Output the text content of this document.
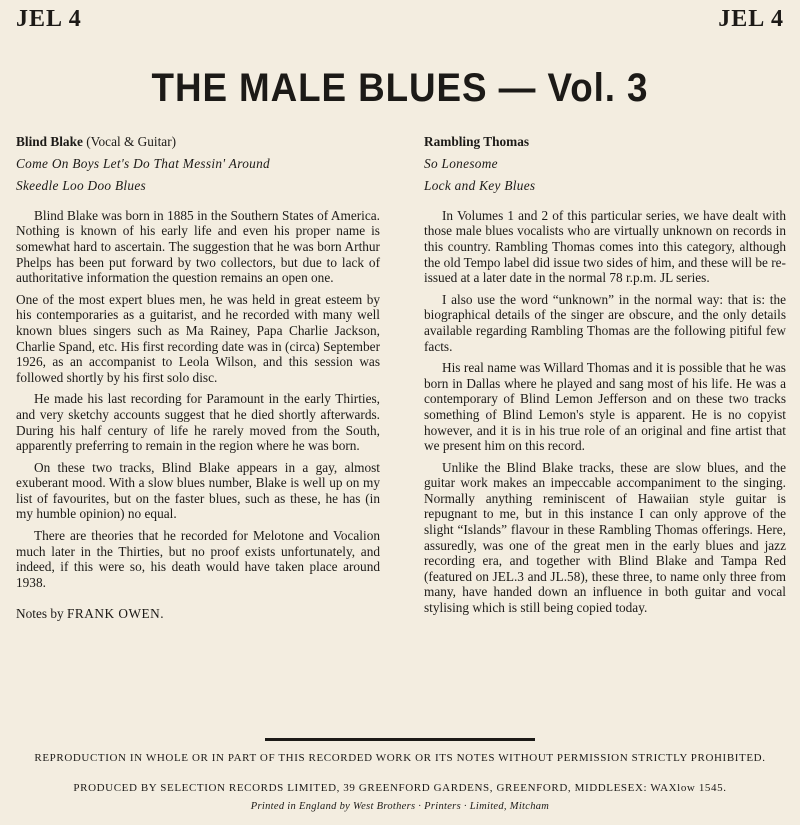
JEL 4	JEL 4
THE MALE BLUES — Vol. 3
Blind Blake (Vocal & Guitar)
Come On Boys Let's Do That Messin' Around
Skeedle Loo Doo Blues

Blind Blake was born in 1885 in the Southern States of America. Nothing is known of his early life and even his proper name is somewhat hard to ascertain. The suggestion that he was born Arthur Phelps has been put forward by two collectors, but due to lack of authoritative information the question remains an open one.

One of the most expert blues men, he was held in great esteem by his contemporaries as a guitarist, and he recorded with many well known blues singers such as Ma Rainey, Papa Charlie Jackson, Charlie Spand, etc. His first recording date was in (circa) September 1926, as an accompanist to Leola Wilson, and this session was followed shortly by his first solo disc.

He made his last recording for Paramount in the early Thirties, and very sketchy accounts suggest that he died shortly afterwards. During his half century of life he rarely moved from the South, apparently preferring to remain in the region where he was born.

On these two tracks, Blind Blake appears in a gay, almost exuberant mood. With a slow blues number, Blake is well up on my list of favourites, but on the faster blues, such as these, he has (in my humble opinion) no equal.

There are theories that he recorded for Melotone and Vocalion much later in the Thirties, but no proof exists unfortunately, and indeed, if this were so, his death would have taken place around 1938.

Notes by FRANK OWEN.
Rambling Thomas
So Lonesome
Lock and Key Blues

In Volumes 1 and 2 of this particular series, we have dealt with those male blues vocalists who are virtually unknown on records in this country. Rambling Thomas comes into this category, although the old Tempo label did issue two sides of him, and these will be re-issued at a later date in the normal 78 r.p.m. JL series.

I also use the word “unknown” in the normal way: that is: the biographical details of the singer are obscure, and the only details available regarding Rambling Thomas are the following pitiful few facts.

His real name was Willard Thomas and it is possible that he was born in Dallas where he played and sang most of his life. He was a contemporary of Blind Lemon Jefferson and on these two tracks something of Blind Lemon's style is apparent. He is no copyist however, and it is in his true role of an original and fine artist that we present him on this record.

Unlike the Blind Blake tracks, these are slow blues, and the guitar work makes an impeccable accompaniment to the singing. Normally anything reminiscent of Hawaiian style guitar is repugnant to me, but in this instance I can only approve of the slight “Islands” flavour in these Rambling Thomas offerings. Here, assuredly, was one of the great men in the early blues and jazz recording era, and together with Blind Blake and Tampa Red (featured on JEL.3 and JL.58), these three, to name only three from many, have handed down an influence in both guitar and vocal stylising which is still being copied today.

REPRODUCTION IN WHOLE OR IN PART OF THIS RECORDED WORK OR ITS NOTES WITHOUT PERMISSION STRICTLY PROHIBITED.
PRODUCED BY SELECTION RECORDS LIMITED, 39 GREENFORD GARDENS, GREENFORD, MIDDLESEX: WAXlow 1545.
Printed in England by West Brothers · Printers · Limited, Mitcham
